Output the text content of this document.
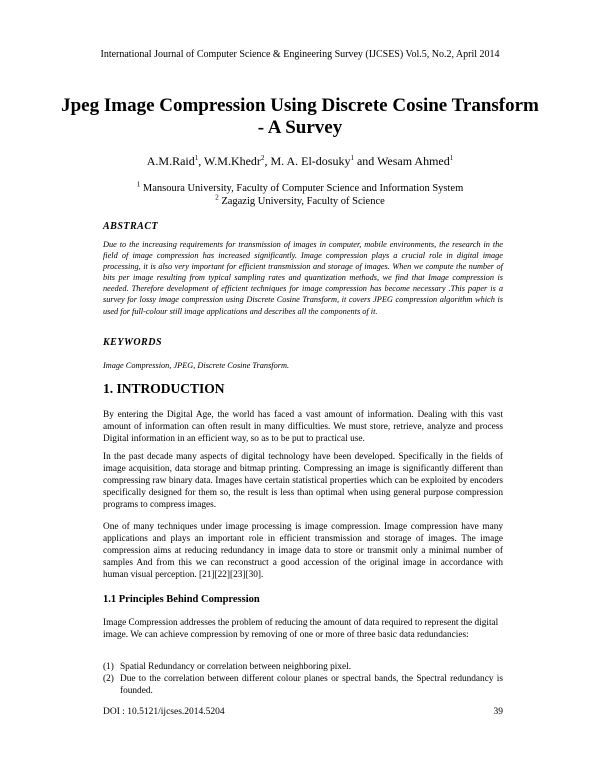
International Journal of Computer Science & Engineering Survey (IJCSES) Vol.5, No.2, April 2014

Jpeg Image Compression Using Discrete Cosine Transform - A Survey

A.M.Raid$^1$, W.M.Khedr$^2$, M. A. El-dosuky$^1$ and Wesam Ahmed$^1$

$^1$ Mansoura University, Faculty of Computer Science and Information System

$^2$ Zagazig University, Faculty of Science

ABSTRACT

Due to the increasing requirements for transmission of images in computer, mobile environments, the research in the field of image compression has increased significantly. Image compression plays a crucial role in digital image processing, it is also very important for efficient transmission and storage of images. When we compute the number of bits per image resulting from typical sampling rates and quantization methods, we find that Image compression is needed. Therefore development of efficient techniques for image compression has become necessary .This paper is a survey for lossy image compression using Discrete Cosine Transform, it covers JPEG compression algorithm which is used for full-colour still image applications and describes all the components of it.

KEYWORDS

Image Compression, JPEG, Discrete Cosine Transform.

1. INTRODUCTION

By entering the Digital Age, the world has faced a vast amount of information. Dealing with this vast amount of information can often result in many difficulties. We must store, retrieve, analyze and process Digital information in an efficient way, so as to be put to practical use.

In the past decade many aspects of digital technology have been developed. Specifically in the fields of image acquisition, data storage and bitmap printing. Compressing an image is significantly different than compressing raw binary data. Images have certain statistical properties which can be exploited by encoders specifically designed for them so, the result is less than optimal when using general purpose compression programs to compress images.

One of many techniques under image processing is image compression. Image compression have many applications and plays an important role in efficient transmission and storage of images. The image compression aims at reducing redundancy in image data to store or transmit only a minimal number of samples And from this we can reconstruct a good accession of the original image in accordance with human visual perception. [21][22][23][30].

1.1 Principles Behind Compression

Image Compression addresses the problem of reducing the amount of data required to represent the digital image. We can achieve compression by removing of one or more of three basic data redundancies:

(1) Spatial Redundancy or correlation between neighboring pixel.
(2) Due to the correlation between different colour planes or spectral bands, the Spectral redundancy is founded.

DOI : 10.5121/ijcses.2014.5204	39
